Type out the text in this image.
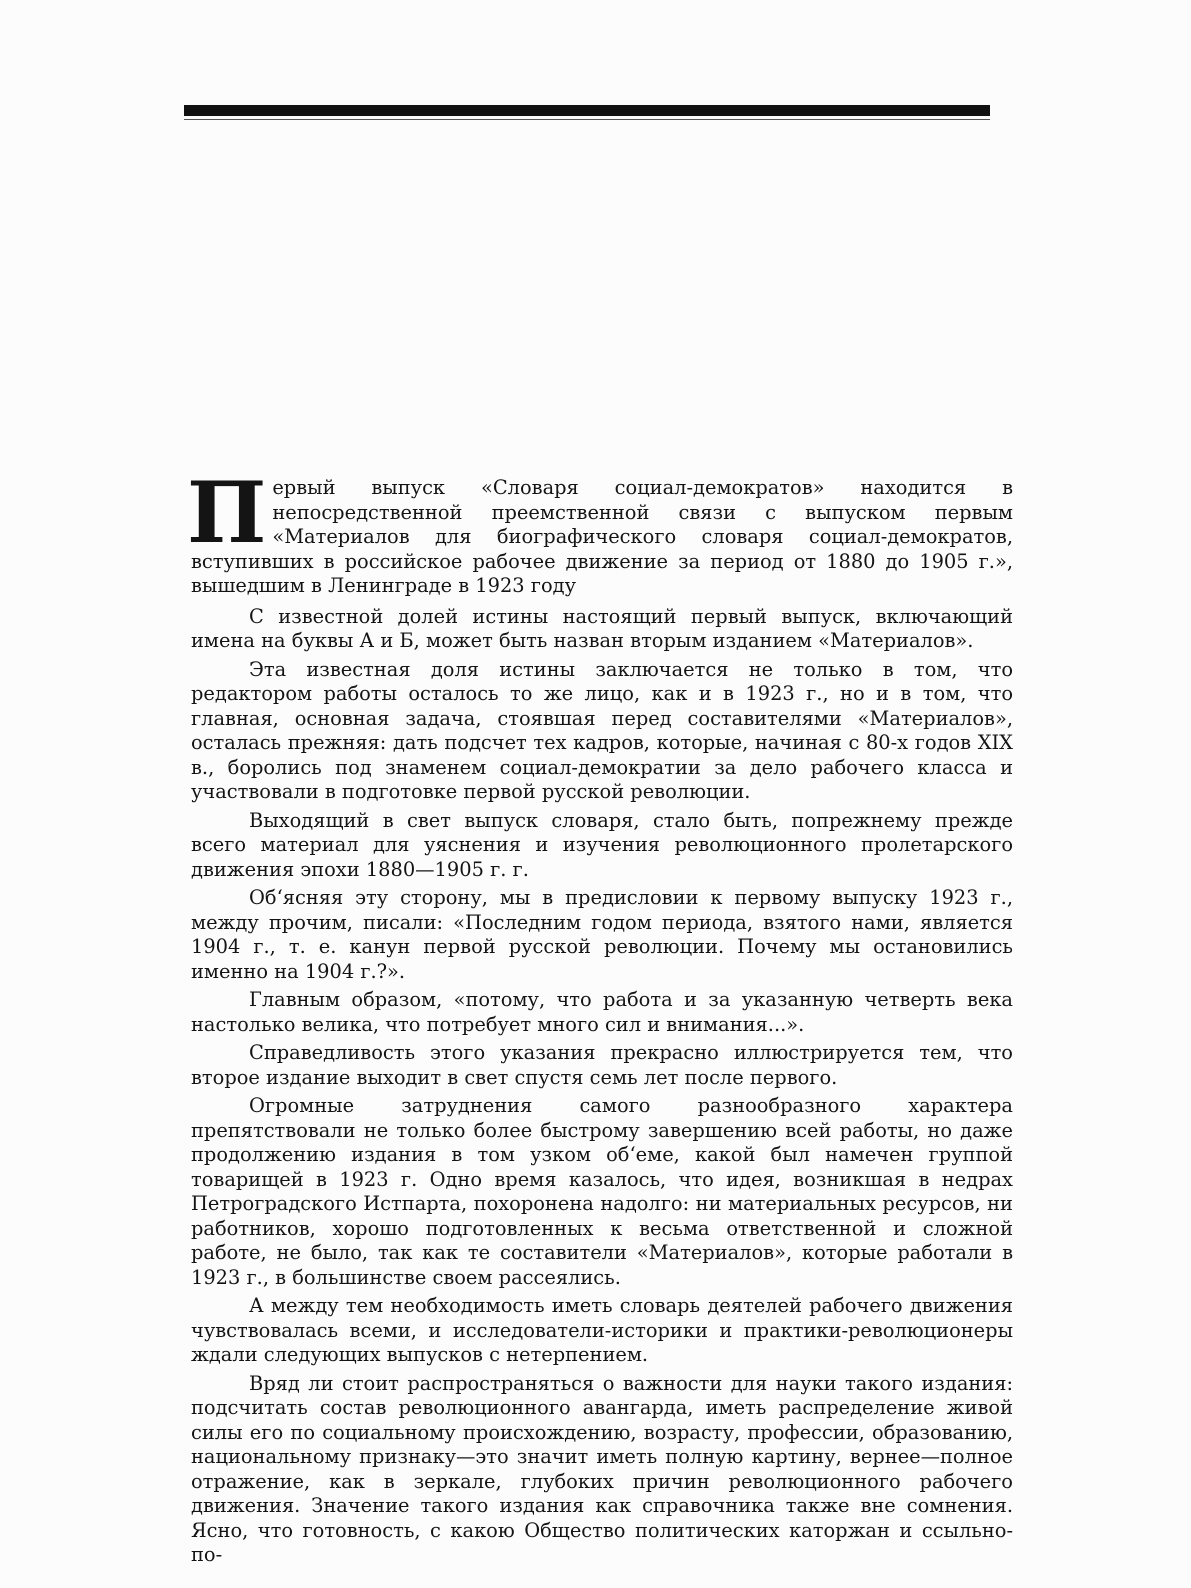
Первый выпуск «Словаря социал-демократов» находится в непосредственной преемственной связи с выпуском первым «Материалов для биографического словаря социал-демократов, вступивших в российское рабочее движение за период от 1880 до 1905 г.», вышедшим в Ленинграде в 1923 году

С известной долей истины настоящий первый выпуск, включающий имена на буквы А и Б, может быть назван вторым изданием «Материалов».

Эта известная доля истины заключается не только в том, что редактором работы осталось то же лицо, как и в 1923 г., но и в том, что главная, основная задача, стоявшая перед составителями «Материалов», осталась прежняя: дать подсчет тех кадров, которые, начиная с 80-х годов XIX в., боролись под знаменем социал-демократии за дело рабочего класса и участвовали в подготовке первой русской революции.

Выходящий в свет выпуск словаря, стало быть, попрежнему прежде всего материал для уяснения и изучения революционного пролетарского движения эпохи 1880—1905 г. г.

Об‘ясняя эту сторону, мы в предисловии к первому выпуску 1923 г., между прочим, писали: «Последним годом периода, взятого нами, является 1904 г., т. е. канун первой русской революции. Почему мы остановились именно на 1904 г.?».

Главным образом, «потому, что работа и за указанную четверть века настолько велика, что потребует много сил и внимания...».

Справедливость этого указания прекрасно иллюстрируется тем, что второе издание выходит в свет спустя семь лет после первого.

Огромные затруднения самого разнообразного характера препятствовали не только более быстрому завершению всей работы, но даже продолжению издания в том узком об‘еме, какой был намечен группой товарищей в 1923 г. Одно время казалось, что идея, возникшая в недрах Петроградского Истпарта, похоронена надолго: ни материальных ресурсов, ни работников, хорошо подготовленных к весьма ответственной и сложной работе, не было, так как те составители «Материалов», которые работали в 1923 г., в большинстве своем рассеялись.

А между тем необходимость иметь словарь деятелей рабочего движения чувствовалась всеми, и исследователи-историки и практики-революционеры ждали следующих выпусков с нетерпением.

Вряд ли стоит распространяться о важности для науки такого издания: подсчитать состав революционного авангарда, иметь распределение живой силы его по социальному происхождению, возрасту, профессии, образованию, национальному признаку—это значит иметь полную картину, вернее—полное отражение, как в зеркале, глубоких причин революционного рабочего движения. Значение такого издания как справочника также вне сомнения. Ясно, что готовность, с какою Общество политических каторжан и ссыльно-по-
